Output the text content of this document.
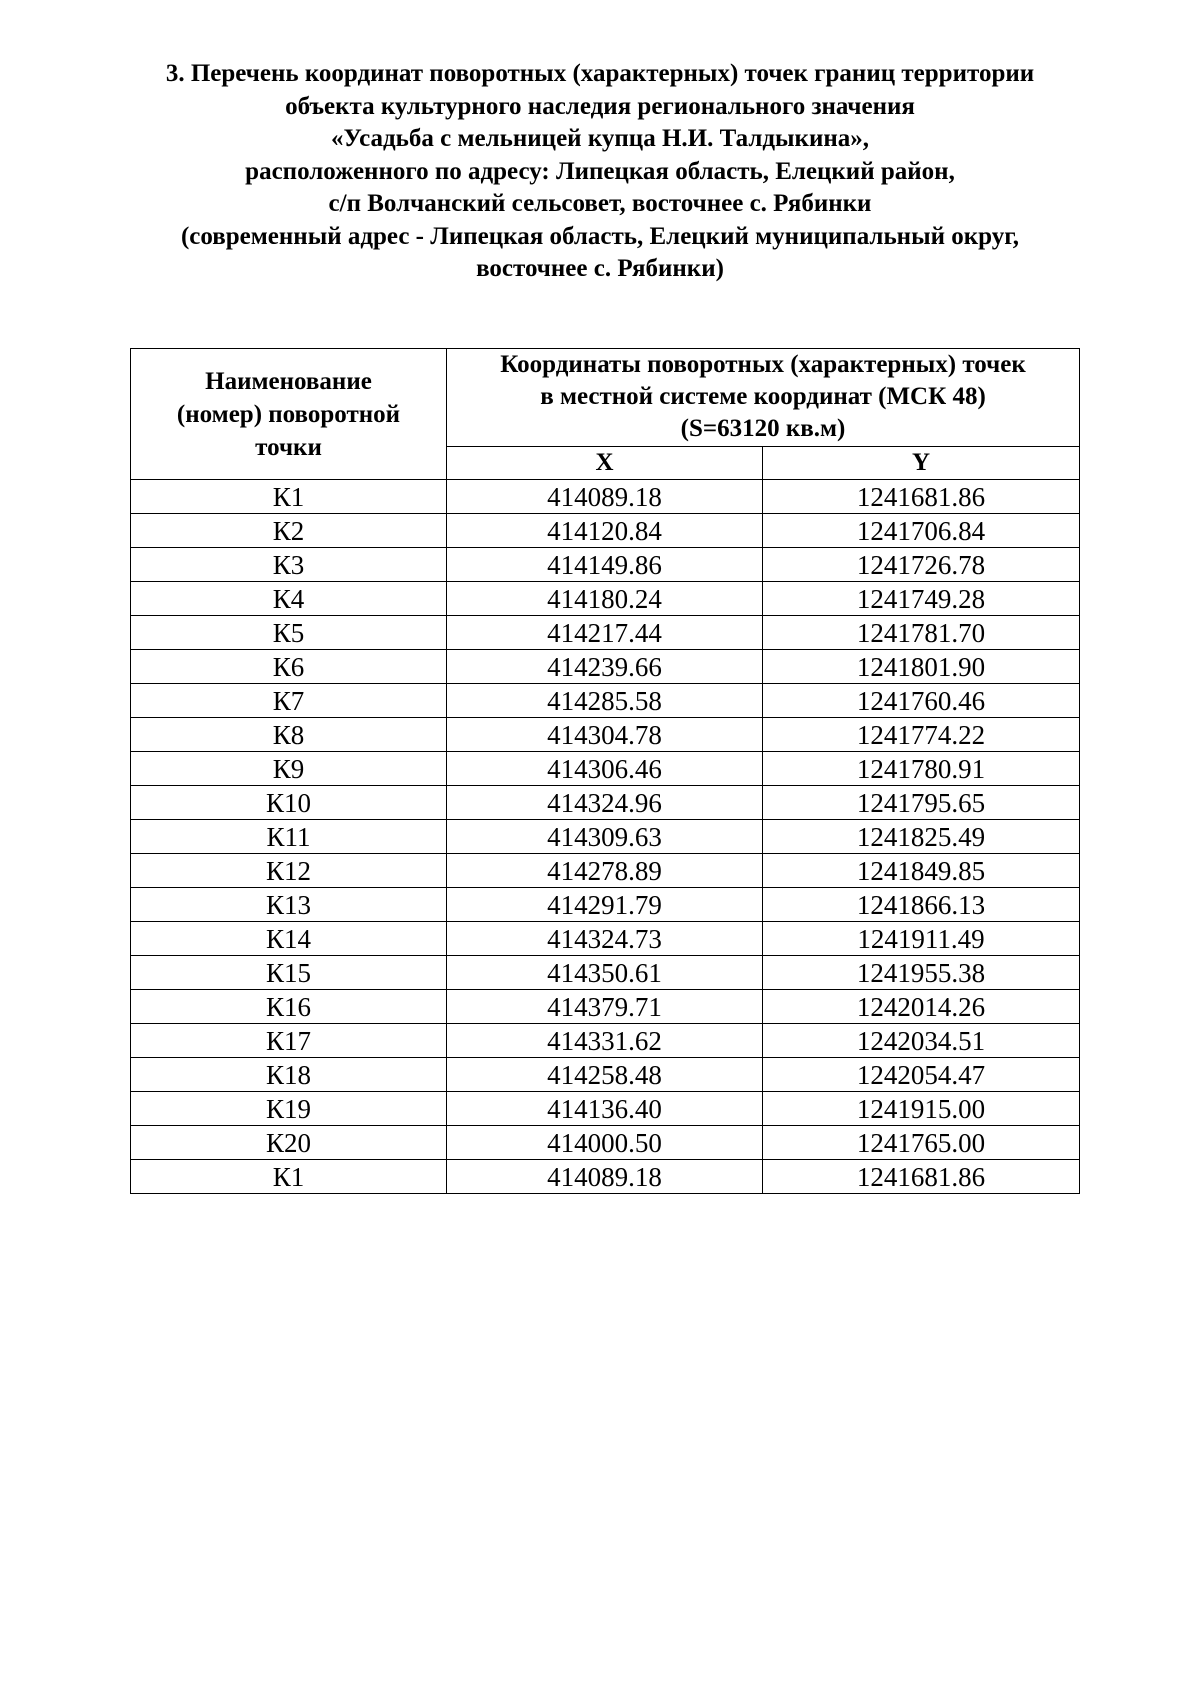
3. Перечень координат поворотных (характерных) точек границ территории
объекта культурного наследия регионального значения
«Усадьба с мельницей купца Н.И. Талдыкина»,
расположенного по адресу: Липецкая область, Елецкий район,
с/п Волчанский сельсовет, восточнее с. Рябинки
(современный адрес - Липецкая область, Елецкий муниципальный округ,
восточнее с. Рябинки)
Наименование
(номер) поворотной
точки	Координаты поворотных (характерных) точек
в местной системе координат (МСК 48)
(S=63120 кв.м)	

	X	Y
К1	414089.18	1241681.86
К2	414120.84	1241706.84
К3	414149.86	1241726.78
К4	414180.24	1241749.28
К5	414217.44	1241781.70
К6	414239.66	1241801.90
К7	414285.58	1241760.46
К8	414304.78	1241774.22
К9	414306.46	1241780.91
К10	414324.96	1241795.65
К11	414309.63	1241825.49
К12	414278.89	1241849.85
К13	414291.79	1241866.13
К14	414324.73	1241911.49
К15	414350.61	1241955.38
К16	414379.71	1242014.26
К17	414331.62	1242034.51
К18	414258.48	1242054.47
К19	414136.40	1241915.00
К20	414000.50	1241765.00
К1	414089.18	1241681.86
